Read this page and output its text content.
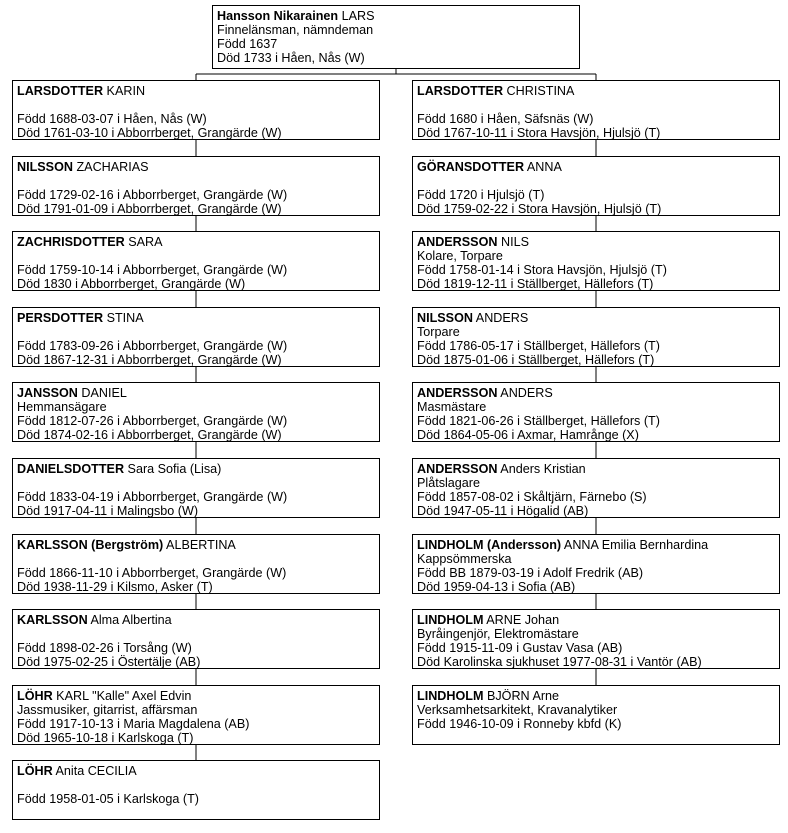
Hansson Nikarainen LARS
Finnelänsman, nämndeman
Född 1637
Död 1733 i Håen, Nås (W)
LARSDOTTER KARIN
Född 1688-03-07 i Håen, Nås (W)
Död 1761-03-10 i Abborrberget, Grangärde (W)
NILSSON ZACHARIAS
Född 1729-02-16 i Abborrberget, Grangärde (W)
Död 1791-01-09 i Abborrberget, Grangärde (W)
ZACHRISDOTTER SARA
Född 1759-10-14 i Abborrberget, Grangärde (W)
Död 1830 i Abborrberget, Grangärde (W)
PERSDOTTER STINA
Född 1783-09-26 i Abborrberget, Grangärde (W)
Död 1867-12-31 i Abborrberget, Grangärde (W)
JANSSON DANIEL
Hemmansägare
Född 1812-07-26 i Abborrberget, Grangärde (W)
Död 1874-02-16 i Abborrberget, Grangärde (W)
DANIELSDOTTER Sara Sofia (Lisa)
Född 1833-04-19 i Abborrberget, Grangärde (W)
Död 1917-04-11 i Malingsbo (W)
KARLSSON (Bergström) ALBERTINA
Född 1866-11-10 i Abborrberget, Grangärde (W)
Död 1938-11-29 i Kilsmo, Asker (T)
KARLSSON Alma Albertina
Född 1898-02-26 i Torsång (W)
Död 1975-02-25 i Östertälje (AB)
LÖHR KARL "Kalle" Axel Edvin
Jassmusiker, gitarrist, affärsman
Född 1917-10-13 i Maria Magdalena (AB)
Död 1965-10-18 i Karlskoga (T)
LÖHR Anita CECILIA
Född 1958-01-05 i Karlskoga (T)
LARSDOTTER CHRISTINA
Född 1680 i Håen, Säfsnäs (W)
Död 1767-10-11 i Stora Havsjön, Hjulsjö (T)
GÖRANSDOTTER ANNA
Född 1720 i Hjulsjö (T)
Död 1759-02-22 i Stora Havsjön, Hjulsjö (T)
ANDERSSON NILS
Kolare, Torpare
Född 1758-01-14 i Stora Havsjön, Hjulsjö (T)
Död 1819-12-11 i Ställberget, Hällefors (T)
NILSSON ANDERS
Torpare
Född 1786-05-17 i Ställberget, Hällefors (T)
Död 1875-01-06 i Ställberget, Hällefors (T)
ANDERSSON ANDERS
Masmästare
Född 1821-06-26 i Ställberget, Hällefors (T)
Död 1864-05-06 i Axmar, Hamrånge (X)
ANDERSSON Anders Kristian
Plåtslagare
Född 1857-08-02 i Skåltjärn, Färnebo (S)
Död 1947-05-11 i Högalid (AB)
LINDHOLM (Andersson) ANNA Emilia Bernhardina
Kappsömmerska
Född BB 1879-03-19 i Adolf Fredrik (AB)
Död 1959-04-13 i Sofia (AB)
LINDHOLM ARNE Johan
Byråingenjör, Elektromästare
Född 1915-11-09 i Gustav Vasa (AB)
Död Karolinska sjukhuset 1977-08-31 i Vantör (AB)
LINDHOLM BJÖRN Arne
Verksamhetsarkitekt, Kravanalytiker
Född 1946-10-09 i Ronneby kbfd (K)
